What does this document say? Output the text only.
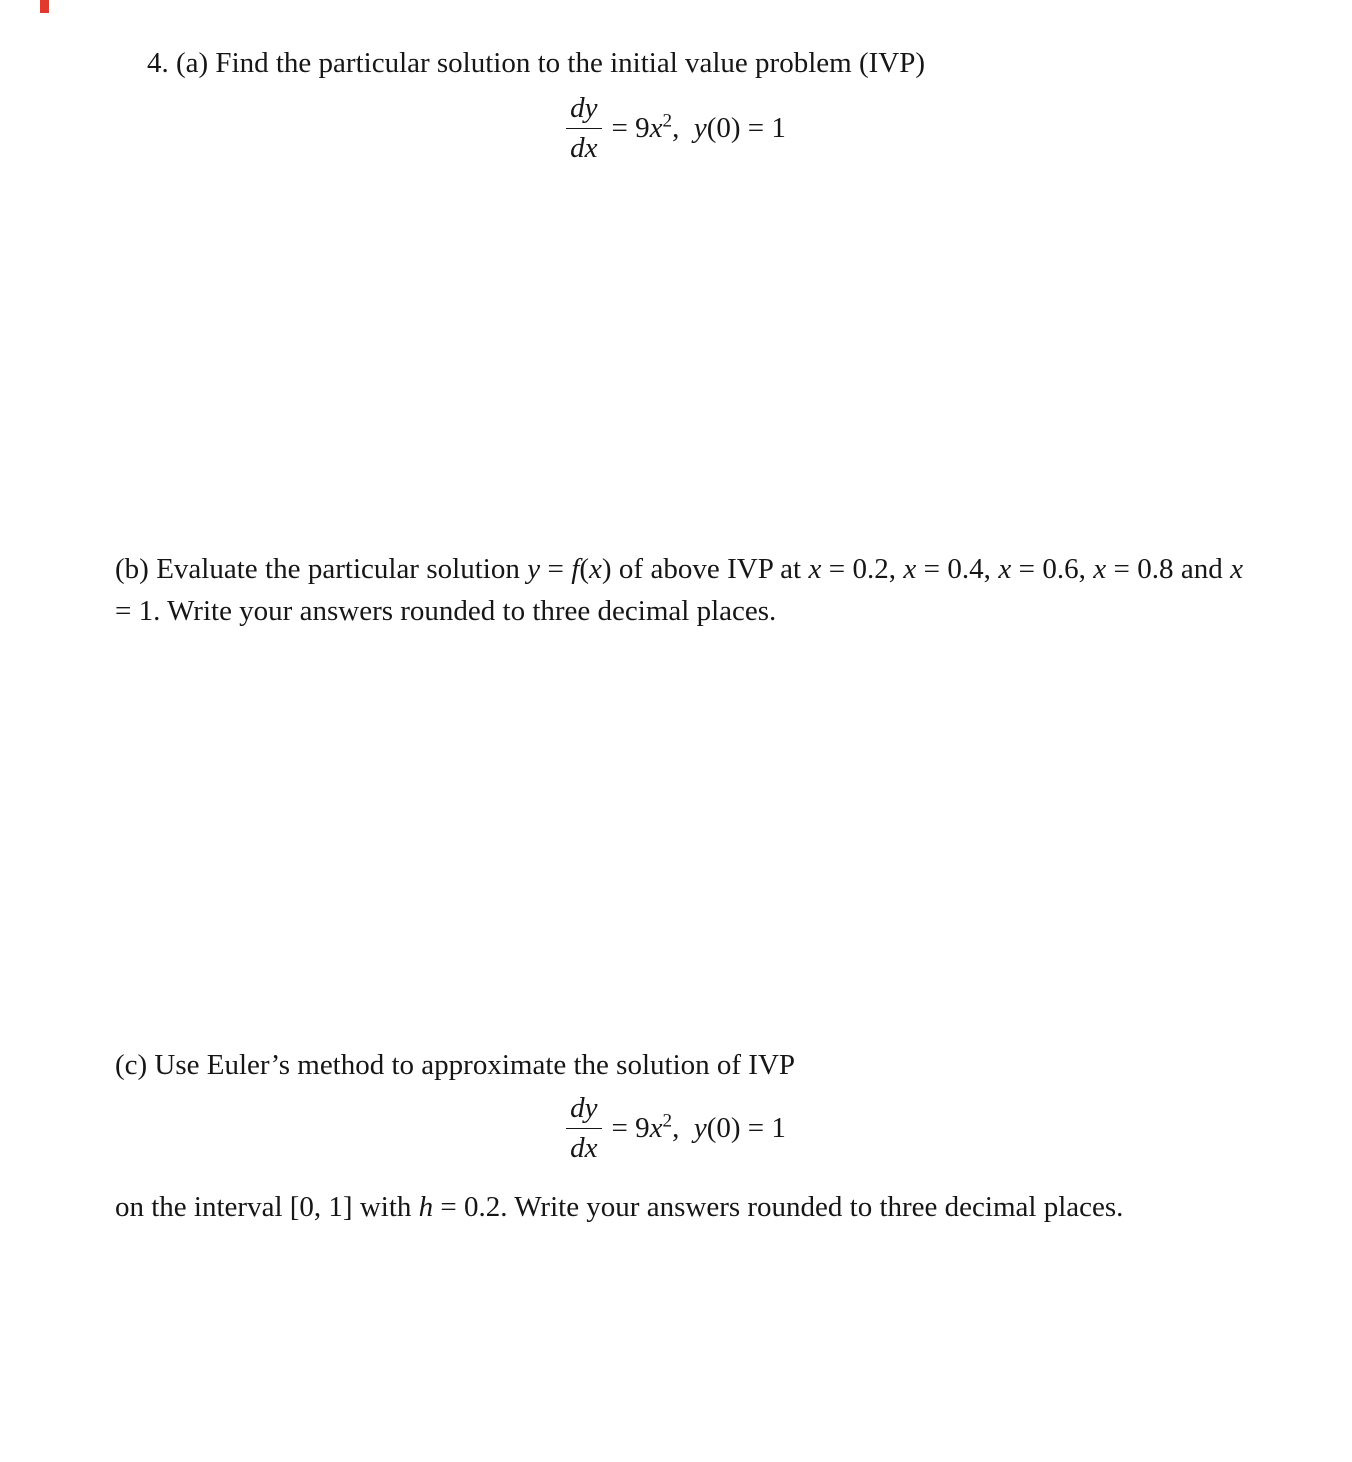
4. (a) Find the particular solution to the initial value problem (IVP)
$\frac{dy}{dx} = 9x^2$,  y(0) = 1
(b) Evaluate the particular solution y = f(x) of above IVP at x = 0.2, x = 0.4, x = 0.6, x = 0.8 and x = 1. Write your answers rounded to three decimal places.
(c) Use Euler’s method to approximate the solution of IVP
$\frac{dy}{dx} = 9x^2$,  y(0) = 1
on the interval [0, 1] with h = 0.2. Write your answers rounded to three decimal places.
